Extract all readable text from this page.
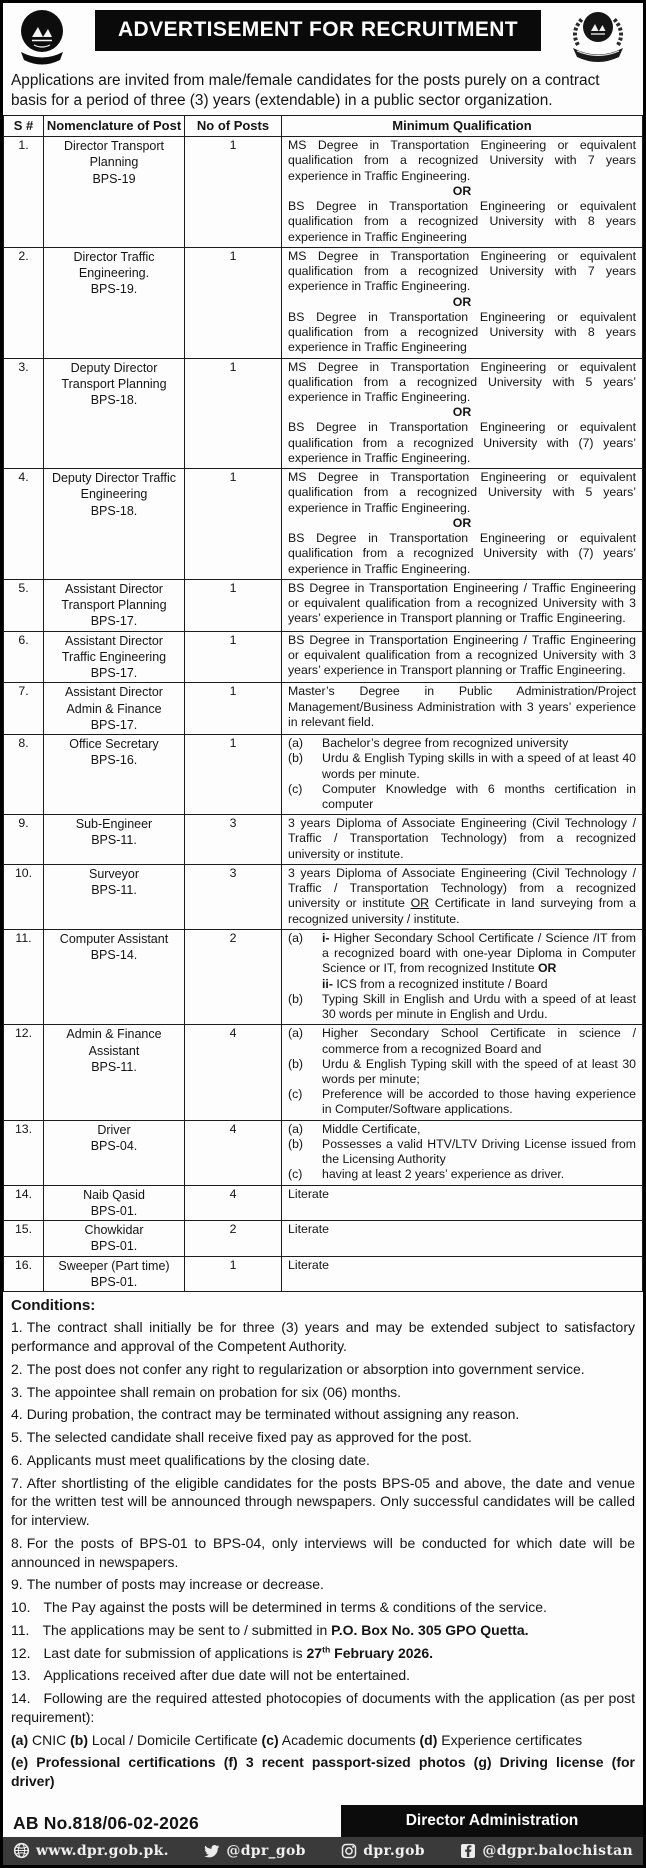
ADVERTISEMENT FOR RECRUITMENT

Applications are invited from male/female candidates for the posts purely on a contract basis for a period of three (3) years (extendable) in a public sector organization.

S #	Nomenclature of Post	No of Posts	Minimum Qualification
1.	Director Transport
Planning
BPS-19
	1	MS Degree in Transportation Engineering or equivalent qualification from a recognized University with 7 years experience in Traffic Engineering.
OR
BS Degree in Transportation Engineering or equivalent qualification from a recognized University with 8 years experience in Traffic Engineering

2.	Director Traffic
Engineering.
BPS-19.
	1	MS Degree in Transportation Engineering or equivalent qualification from a recognized University with 7 years experience in Traffic Engineering.
OR
BS Degree in Transportation Engineering or equivalent qualification from a recognized University with 8 years experience in Traffic Engineering

3.	Deputy Director
Transport Planning
BPS-18.
	1	MS Degree in Transportation Engineering or equivalent qualification from a recognized University with 5 years’ experience in Traffic Engineering.
OR
BS Degree in Transportation Engineering or equivalent qualification from a recognized University with (7) years’ experience in Traffic Engineering.

4.	Deputy Director Traffic
Engineering
BPS-18.
	1	MS Degree in Transportation Engineering or equivalent qualification from a recognized University with 5 years’ experience in Traffic Engineering.
OR
BS Degree in Transportation Engineering or equivalent qualification from a recognized University with (7) years’ experience in Traffic Engineering.

5.	Assistant Director
Transport Planning
BPS-17.	1	BS Degree in Transportation Engineering / Traffic Engineering or equivalent qualification from a recognized University with 3 years’ experience in Transport planning or Traffic Engineering.

6.	Assistant Director
Traffic Engineering
BPS-17.	1	BS Degree in Transportation Engineering / Traffic Engineering or equivalent qualification from a recognized University with 3 years’ experience in Transport planning or Traffic Engineering.

7.	Assistant Director
Admin & Finance
BPS-17.	1	Master’s Degree in Public Administration/Project Management/Business Administration with 3 years’ experience in relevant field.

8.	Office Secretary
BPS-16.
	1	(a)	Bachelor’s degree from recognized university
(b)	Urdu & English Typing skills in with a speed of at least 40 words per minute.
(c)	Computer Knowledge with 6 months certification in computer

9.	Sub-Engineer
BPS-11.	3	3 years Diploma of Associate Engineering (Civil Technology / Traffic / Transportation Technology) from a recognized university or institute.

10.	Surveyor
BPS-11.	3	3 years Diploma of Associate Engineering (Civil Technology / Traffic / Transportation Technology) from a recognized university or institute OR Certificate in land surveying from a recognized university / institute.

11.	Computer Assistant
BPS-14.
	2	(a)	i- Higher Secondary School Certificate / Science /IT from a recognized board with one-year Diploma in Computer Science or IT, from recognized Institute OR
ii- ICS from a recognized institute / Board
(b)	Typing Skill in English and Urdu with a speed of at least 30 words per minute in English and Urdu.

12.	Admin & Finance
Assistant
BPS-11.
	4	(a)	Higher Secondary School Certificate in science / commerce from a recognized Board and
(b)	Urdu & English Typing skill with the speed of at least 30 words per minute;
(c)	Preference will be accorded to those having experience in Computer/Software applications.

13.	Driver
BPS-04.
	4	(a)	Middle Certificate,
(b)	Possesses a valid HTV/LTV Driving License issued from the Licensing Authority
(c)	having at least 2 years’ experience as driver.

14.	Naib Qasid
BPS-01.	4	Literate

15.	Chowkidar
BPS-01.	2	Literate

16.	Sweeper (Part time)
BPS-01.	1	Literate
Conditions:
1. The contract shall initially be for three (3) years and may be extended subject to satisfactory performance and approval of the Competent Authority.
2. The post does not confer any right to regularization or absorption into government service.
3. The appointee shall remain on probation for six (06) months.
4. During probation, the contract may be terminated without assigning any reason.
5. The selected candidate shall receive fixed pay as approved for the post.
6. Applicants must meet qualifications by the closing date.
7. After shortlisting of the eligible candidates for the posts BPS-05 and above, the date and venue for the written test will be announced through newspapers. Only successful candidates will be called for interview.
8. For the posts of BPS-01 to BPS-04, only interviews will be conducted for which date will be announced in newspapers.
9. The number of posts may increase or decrease.
10. The Pay against the posts will be determined in terms & conditions of the service.
11. The applications may be sent to / submitted in P.O. Box No. 305 GPO Quetta.
12. Last date for submission of applications is 27th February 2026.
13. Applications received after due date will not be entertained.
14. Following are the required attested photocopies of documents with the application (as per post requirement):
(a) CNIC (b) Local / Domicile Certificate (c) Academic documents (d) Experience certificates
(e) Professional certifications (f) 3 recent passport-sized photos (g) Driving license (for driver)
AB No.818/06-02-2026	Director Administration
www.dpr.gob.pk.	@dpr_gob	dpr.gob	@dgpr.balochistan
